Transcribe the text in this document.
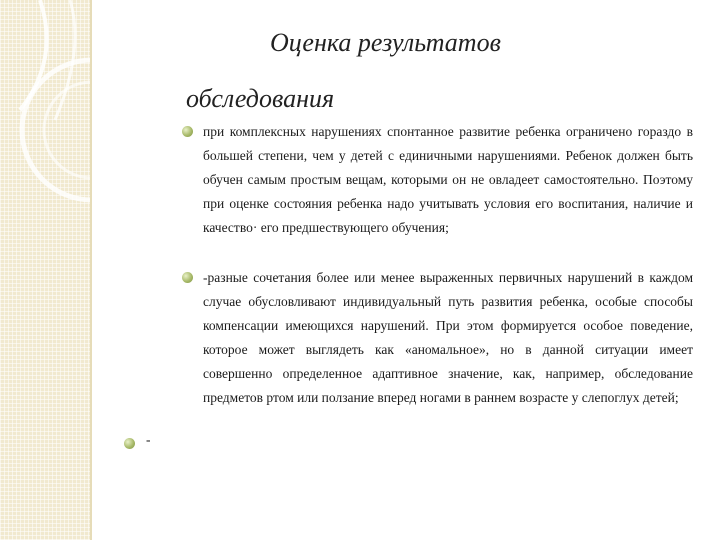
Оценка результатов
обследования

при комплексных нарушениях спонтанное развитие ребенка ограничено гораздо в большей степени, чем у детей с единичными нарушениями. Ребенок должен быть обучен самым простым вещам, которыми он не овладеет самостоятельно. Поэтому при оценке состояния ребенка надо учитывать условия его воспитания, наличие и качество· его предшествующего обучения;

-разные сочетания более или менее выраженных первичных нарушений в каждом случае обусловливают индивидуальный путь развития ребенка, особые способы компенсации имеющихся нарушений. При этом формируется особое поведение, которое может выглядеть как «аномальное», но в данной ситуации имеет совершенно определенное адаптивное значение, как, например, обследование предметов ртом или ползание вперед ногами в раннем возрасте у слепоглух детей;

-
